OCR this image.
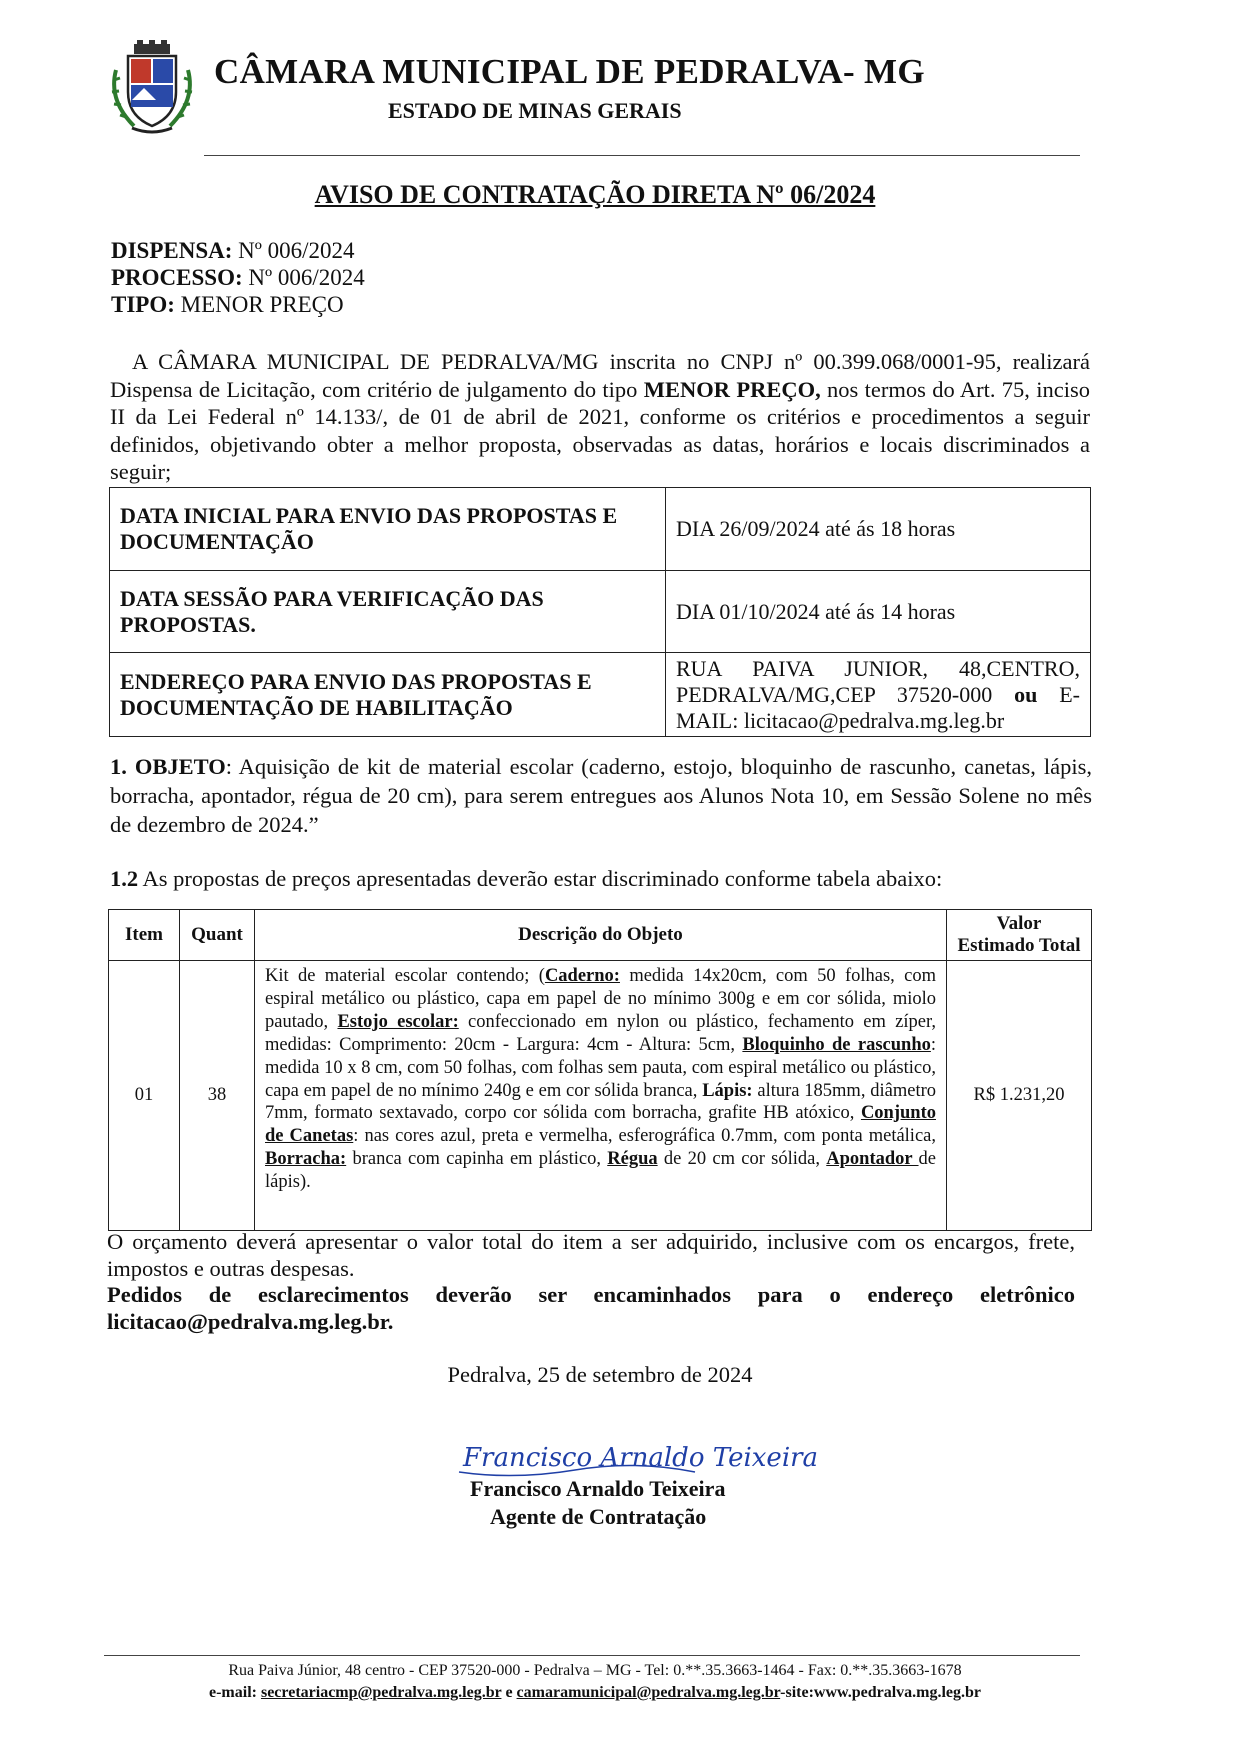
CÂMARA MUNICIPAL DE PEDRALVA- MG
ESTADO DE MINAS GERAIS
AVISO DE CONTRATAÇÃO DIRETA Nº 06/2024
DISPENSA: Nº 006/2024
PROCESSO: Nº 006/2024
TIPO: MENOR PREÇO
A CÂMARA MUNICIPAL DE PEDRALVA/MG inscrita no CNPJ nº 00.399.068/0001-95, realizará Dispensa de Licitação, com critério de julgamento do tipo MENOR PREÇO, nos termos do Art. 75, inciso II da Lei Federal nº 14.133/, de 01 de abril de 2021, conforme os critérios e procedimentos a seguir definidos, objetivando obter a melhor proposta, observadas as datas, horários e locais discriminados a seguir;
DATA INICIAL PARA ENVIO DAS PROPOSTAS E DOCUMENTAÇÃO	DIA 26/09/2024 até ás 18 horas
DATA SESSÃO PARA VERIFICAÇÃO DAS PROPOSTAS.	DIA 01/10/2024 até ás 14 horas
ENDEREÇO PARA ENVIO DAS PROPOSTAS E DOCUMENTAÇÃO DE HABILITAÇÃO	RUA PAIVA JUNIOR, 48,CENTRO, PEDRALVA/MG,CEP 37520-000 ou E-MAIL: licitacao@pedralva.mg.leg.br
1. OBJETO: Aquisição de kit de material escolar (caderno, estojo, bloquinho de rascunho, canetas, lápis, borracha, apontador, régua de 20 cm), para serem entregues aos Alunos Nota 10, em Sessão Solene no mês de dezembro de 2024.”
1.2 As propostas de preços apresentadas deverão estar discriminado conforme tabela abaixo:
Item	Quant	Descrição do Objeto	Valor
Estimado Total
01	38	Kit de material escolar contendo; (Caderno: medida 14x20cm, com 50 folhas, com espiral metálico ou plástico, capa em papel de no mínimo 300g e em cor sólida, miolo pautado, Estojo escolar: confeccionado em nylon ou plástico, fechamento em zíper, medidas: Comprimento: 20cm - Largura: 4cm - Altura: 5cm, Bloquinho de rascunho: medida 10 x 8 cm, com 50 folhas, com folhas sem pauta, com espiral metálico ou plástico, capa em papel de no mínimo 240g e em cor sólida branca, Lápis: altura 185mm, diâmetro 7mm, formato sextavado, corpo cor sólida com borracha, grafite HB atóxico, Conjunto de Canetas: nas cores azul, preta e vermelha, esferográfica 0.7mm, com ponta metálica, Borracha: branca com capinha em plástico, Régua de 20 cm cor sólida, Apontador de lápis).	R$ 1.231,20
O orçamento deverá apresentar o valor total do item a ser adquirido, inclusive com os encargos, frete, impostos e outras despesas.
Pedidos de esclarecimentos deverão ser encaminhados para o endereço eletrônico licitacao@pedralva.mg.leg.br.
Pedralva, 25 de setembro de 2024
Francisco Arnaldo Teixeira
Francisco Arnaldo Teixeira
Agente de Contratação
Rua Paiva Júnior, 48 centro - CEP 37520-000 - Pedralva – MG - Tel: 0.**.35.3663-1464 - Fax: 0.**.35.3663-1678
e-mail: secretariacmp@pedralva.mg.leg.br e camaramunicipal@pedralva.mg.leg.br-site:www.pedralva.mg.leg.br
